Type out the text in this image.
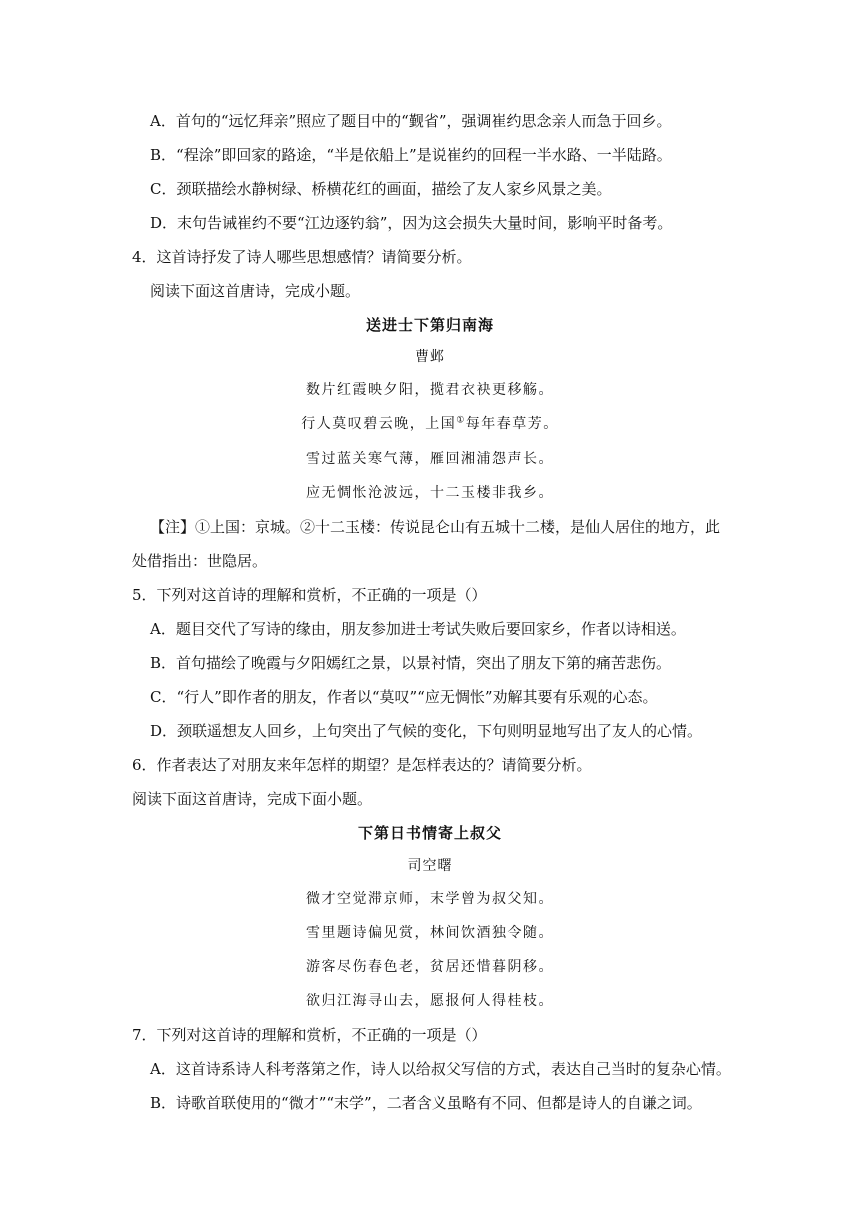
A．首句的“远忆拜亲”照应了题目中的“觐省”，强调崔约思念亲人而急于回乡。
B．“程涂”即回家的路途，“半是依船上”是说崔约的回程一半水路、一半陆路。
C．颈联描绘水静树绿、桥横花红的画面，描绘了友人家乡风景之美。
D．末句告诫崔约不要“江边逐钓翁”，因为这会损失大量时间，影响平时备考。
4．这首诗抒发了诗人哪些思想感情？请简要分析。
阅读下面这首唐诗，完成小题。
送进士下第归南海
曹邺
数片红霞映夕阳，揽君衣袂更移觞。
行人莫叹碧云晚，上国①每年春草芳。
雪过蓝关寒气薄，雁回湘浦怨声长。
应无惆怅沧波远，十二玉楼非我乡。
【注】①上国：京城。②十二玉楼：传说昆仑山有五城十二楼，是仙人居住的地方，此
处借指出：世隐居。
5．下列对这首诗的理解和赏析，不正确的一项是（）
A．题目交代了写诗的缘由，朋友参加进士考试失败后要回家乡，作者以诗相送。
B．首句描绘了晚霞与夕阳嫣红之景，以景衬情，突出了朋友下第的痛苦悲伤。
C．“行人”即作者的朋友，作者以“莫叹”“应无惆怅”劝解其要有乐观的心态。
D．颈联遥想友人回乡，上句突出了气候的变化，下句则明显地写出了友人的心情。
6．作者表达了对朋友来年怎样的期望？是怎样表达的？请简要分析。
阅读下面这首唐诗，完成下面小题。
下第日书情寄上叔父
司空曙
微才空觉滞京师，末学曾为叔父知。
雪里题诗偏见赏，林间饮酒独令随。
游客尽伤春色老，贫居还惜暮阴移。
欲归江海寻山去，愿报何人得桂枝。
7．下列对这首诗的理解和赏析，不正确的一项是（）
A．这首诗系诗人科考落第之作，诗人以给叔父写信的方式，表达自己当时的复杂心情。
B．诗歌首联使用的“微才”“末学”，二者含义虽略有不同、但都是诗人的自谦之词。
